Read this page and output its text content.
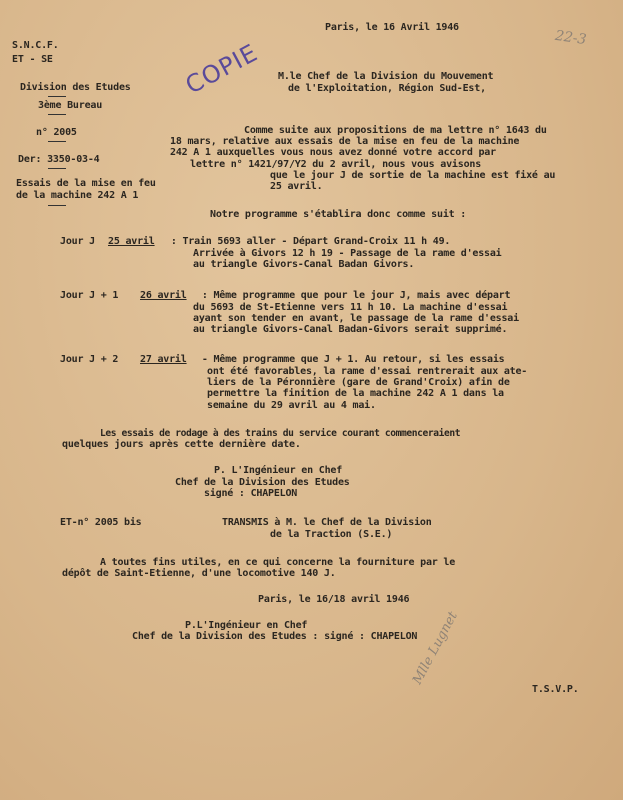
22-3
Paris, le 16 Avril 1946
S.N.C.F.
ET - SE
Division des Etudes
3ème Bureau
n° 2005
Der: 3350-03-4
Essais de la mise en feu
de la machine 242 A 1
COPIE M.le Chef de la Division du Mouvement
de l'Exploitation, Région Sud-Est,
Comme suite aux propositions de ma lettre n° 1643 du
18 mars, relative aux essais de la mise en feu de la machine
242 A 1 auxquelles vous nous avez donné votre accord par
lettre n° 1421/97/Y2 du 2 avril, nous vous avisons
que le jour J de sortie de la machine est fixé au
25 avril.
Notre programme s'établira donc comme suit :
Jour J 25 avril : Train 5693 aller - Départ Grand-Croix 11 h 49.
Arrivée à Givors 12 h 19 - Passage de la rame d'essai
au triangle Givors-Canal Badan Givors.
Jour J + 1 26 avril : Même programme que pour le jour J, mais avec départ
du 5693 de St-Etienne vers 11 h 10. La machine d'essai
ayant son tender en avant, le passage de la rame d'essai
au triangle Givors-Canal Badan-Givors serait supprimé.
Jour J + 2 27 avril - Même programme que J + 1. Au retour, si les essais
ont été favorables, la rame d'essai rentrerait aux ate-
liers de la Péronnière (gare de Grand'Croix) afin de
permettre la finition de la machine 242 A 1 dans la
semaine du 29 avril au 4 mai.
Les essais de rodage à des trains du service courant commenceraient
quelques jours après cette dernière date.
P. L'Ingénieur en Chef
Chef de la Division des Etudes
signé : CHAPELON
ET-n° 2005 bis	TRANSMIS à M. le Chef de la Division
de la Traction (S.E.)
A toutes fins utiles, en ce qui concerne la fourniture par le
dépôt de Saint-Etienne, d'une locomotive 140 J.
Paris, le 16/18 avril 1946
P.L'Ingénieur en Chef
Chef de la Division des Etudes : signé : CHAPELON
Mlle Lugnet
T.S.V.P.
